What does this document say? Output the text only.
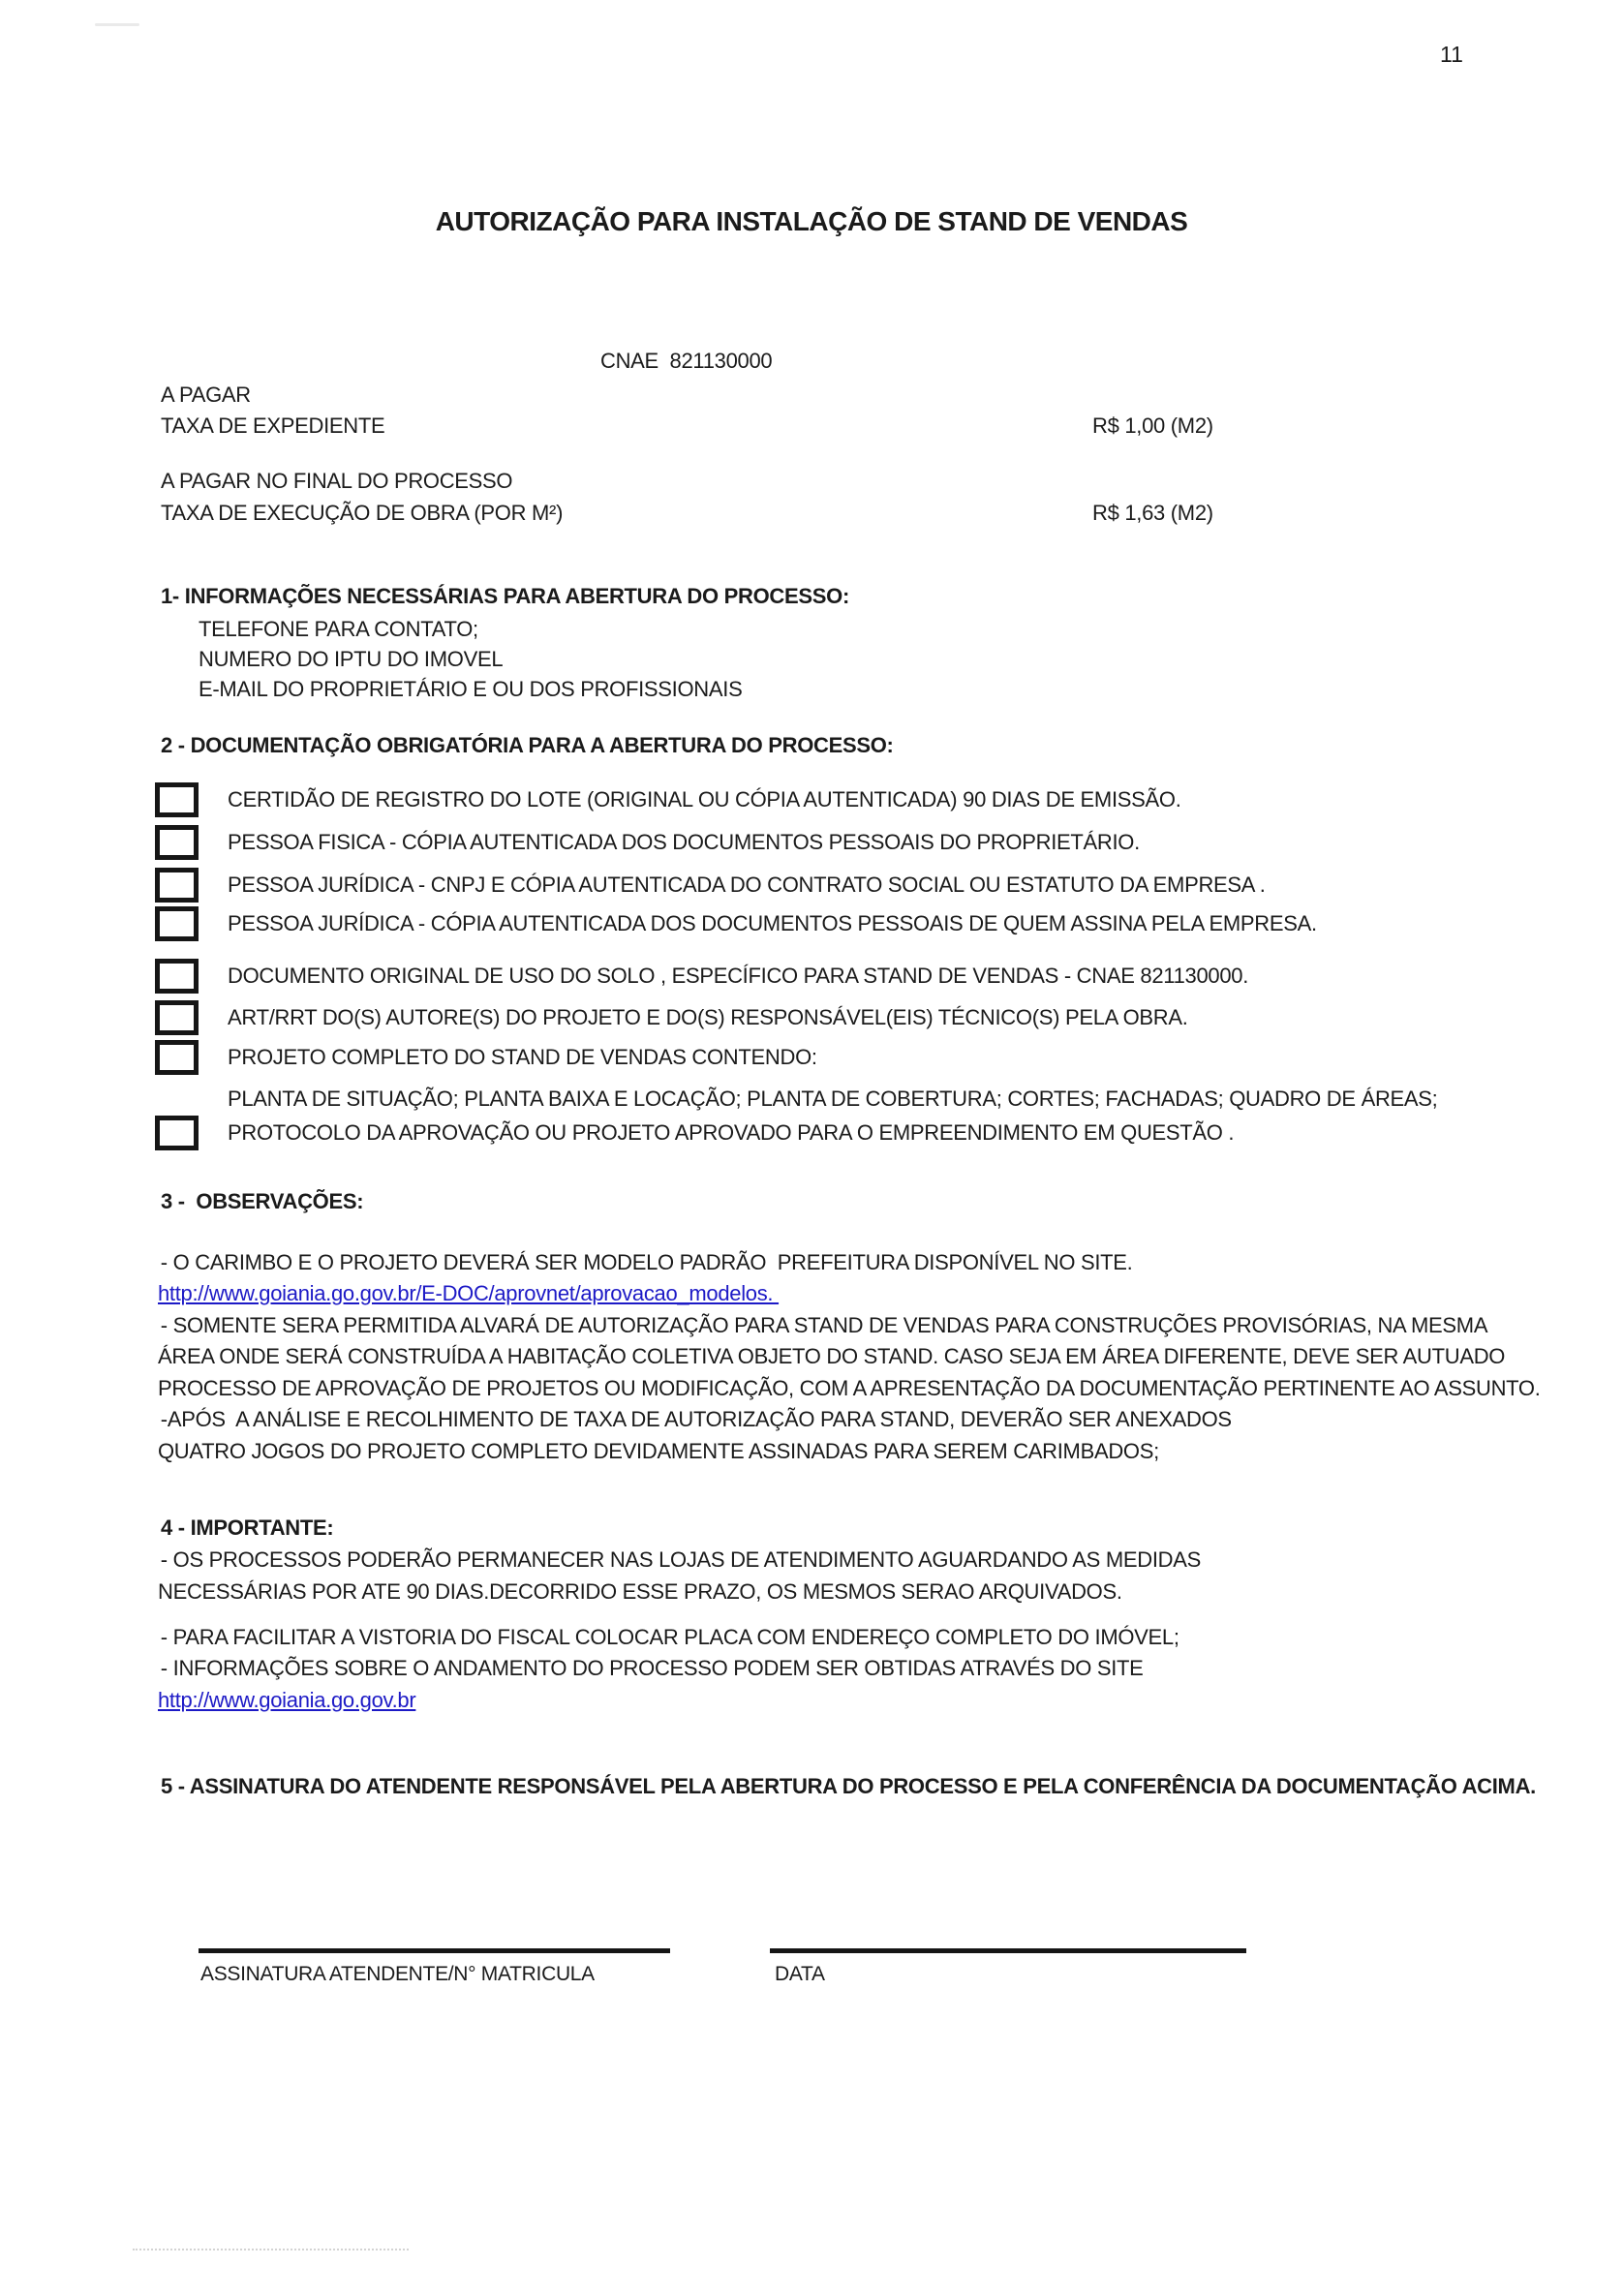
11
AUTORIZAÇÃO PARA INSTALAÇÃO DE STAND DE VENDAS
CNAE  821130000
A PAGAR
TAXA DE EXPEDIENTE	R$ 1,00 (M2)
A PAGAR NO FINAL DO PROCESSO
TAXA DE EXECUÇÃO DE OBRA (POR M²)	R$ 1,63 (M2)
1- INFORMAÇÕES NECESSÁRIAS PARA ABERTURA DO PROCESSO:
TELEFONE PARA CONTATO;
NUMERO DO IPTU DO IMOVEL
E-MAIL DO PROPRIETÁRIO E OU DOS PROFISSIONAIS
2 - DOCUMENTAÇÃO OBRIGATÓRIA PARA A ABERTURA DO PROCESSO:
CERTIDÃO DE REGISTRO DO LOTE (ORIGINAL OU CÓPIA AUTENTICADA) 90 DIAS DE EMISSÃO.
PESSOA FISICA - CÓPIA AUTENTICADA DOS DOCUMENTOS PESSOAIS DO PROPRIETÁRIO.
PESSOA JURÍDICA - CNPJ E CÓPIA AUTENTICADA DO CONTRATO SOCIAL OU ESTATUTO DA EMPRESA .
PESSOA JURÍDICA - CÓPIA AUTENTICADA DOS DOCUMENTOS PESSOAIS DE QUEM ASSINA PELA EMPRESA.
DOCUMENTO ORIGINAL DE USO DO SOLO , ESPECÍFICO PARA STAND DE VENDAS - CNAE 821130000.
ART/RRT DO(S) AUTORE(S) DO PROJETO E DO(S) RESPONSÁVEL(EIS) TÉCNICO(S) PELA OBRA.
PROJETO COMPLETO DO STAND DE VENDAS CONTENDO:
PLANTA DE SITUAÇÃO; PLANTA BAIXA E LOCAÇÃO; PLANTA DE COBERTURA; CORTES; FACHADAS; QUADRO DE ÁREAS;
PROTOCOLO DA APROVAÇÃO OU PROJETO APROVADO PARA O EMPREENDIMENTO EM QUESTÃO .
3 -  OBSERVAÇÕES:
- O CARIMBO E O PROJETO DEVERÁ SER MODELO PADRÃO  PREFEITURA DISPONÍVEL NO SITE.
http://www.goiania.go.gov.br/E-DOC/aprovnet/aprovacao_modelos.
- SOMENTE SERA PERMITIDA ALVARÁ DE AUTORIZAÇÃO PARA STAND DE VENDAS PARA CONSTRUÇÕES PROVISÓRIAS, NA MESMA
ÁREA ONDE SERÁ CONSTRUÍDA A HABITAÇÃO COLETIVA OBJETO DO STAND. CASO SEJA EM ÁREA DIFERENTE, DEVE SER AUTUADO
PROCESSO DE APROVAÇÃO DE PROJETOS OU MODIFICAÇÃO, COM A APRESENTAÇÃO DA DOCUMENTAÇÃO PERTINENTE AO ASSUNTO.
-APÓS  A ANÁLISE E RECOLHIMENTO DE TAXA DE AUTORIZAÇÃO PARA STAND, DEVERÃO SER ANEXADOS
QUATRO JOGOS DO PROJETO COMPLETO DEVIDAMENTE ASSINADAS PARA SEREM CARIMBADOS;
4 - IMPORTANTE:
- OS PROCESSOS PODERÃO PERMANECER NAS LOJAS DE ATENDIMENTO AGUARDANDO AS MEDIDAS
NECESSÁRIAS POR ATE 90 DIAS.DECORRIDO ESSE PRAZO, OS MESMOS SERAO ARQUIVADOS.
- PARA FACILITAR A VISTORIA DO FISCAL COLOCAR PLACA COM ENDEREÇO COMPLETO DO IMÓVEL;
- INFORMAÇÕES SOBRE O ANDAMENTO DO PROCESSO PODEM SER OBTIDAS ATRAVÉS DO SITE
http://www.goiania.go.gov.br
5 - ASSINATURA DO ATENDENTE RESPONSÁVEL PELA ABERTURA DO PROCESSO E PELA CONFERÊNCIA DA DOCUMENTAÇÃO ACIMA.
ASSINATURA ATENDENTE/N° MATRICULA	DATA
